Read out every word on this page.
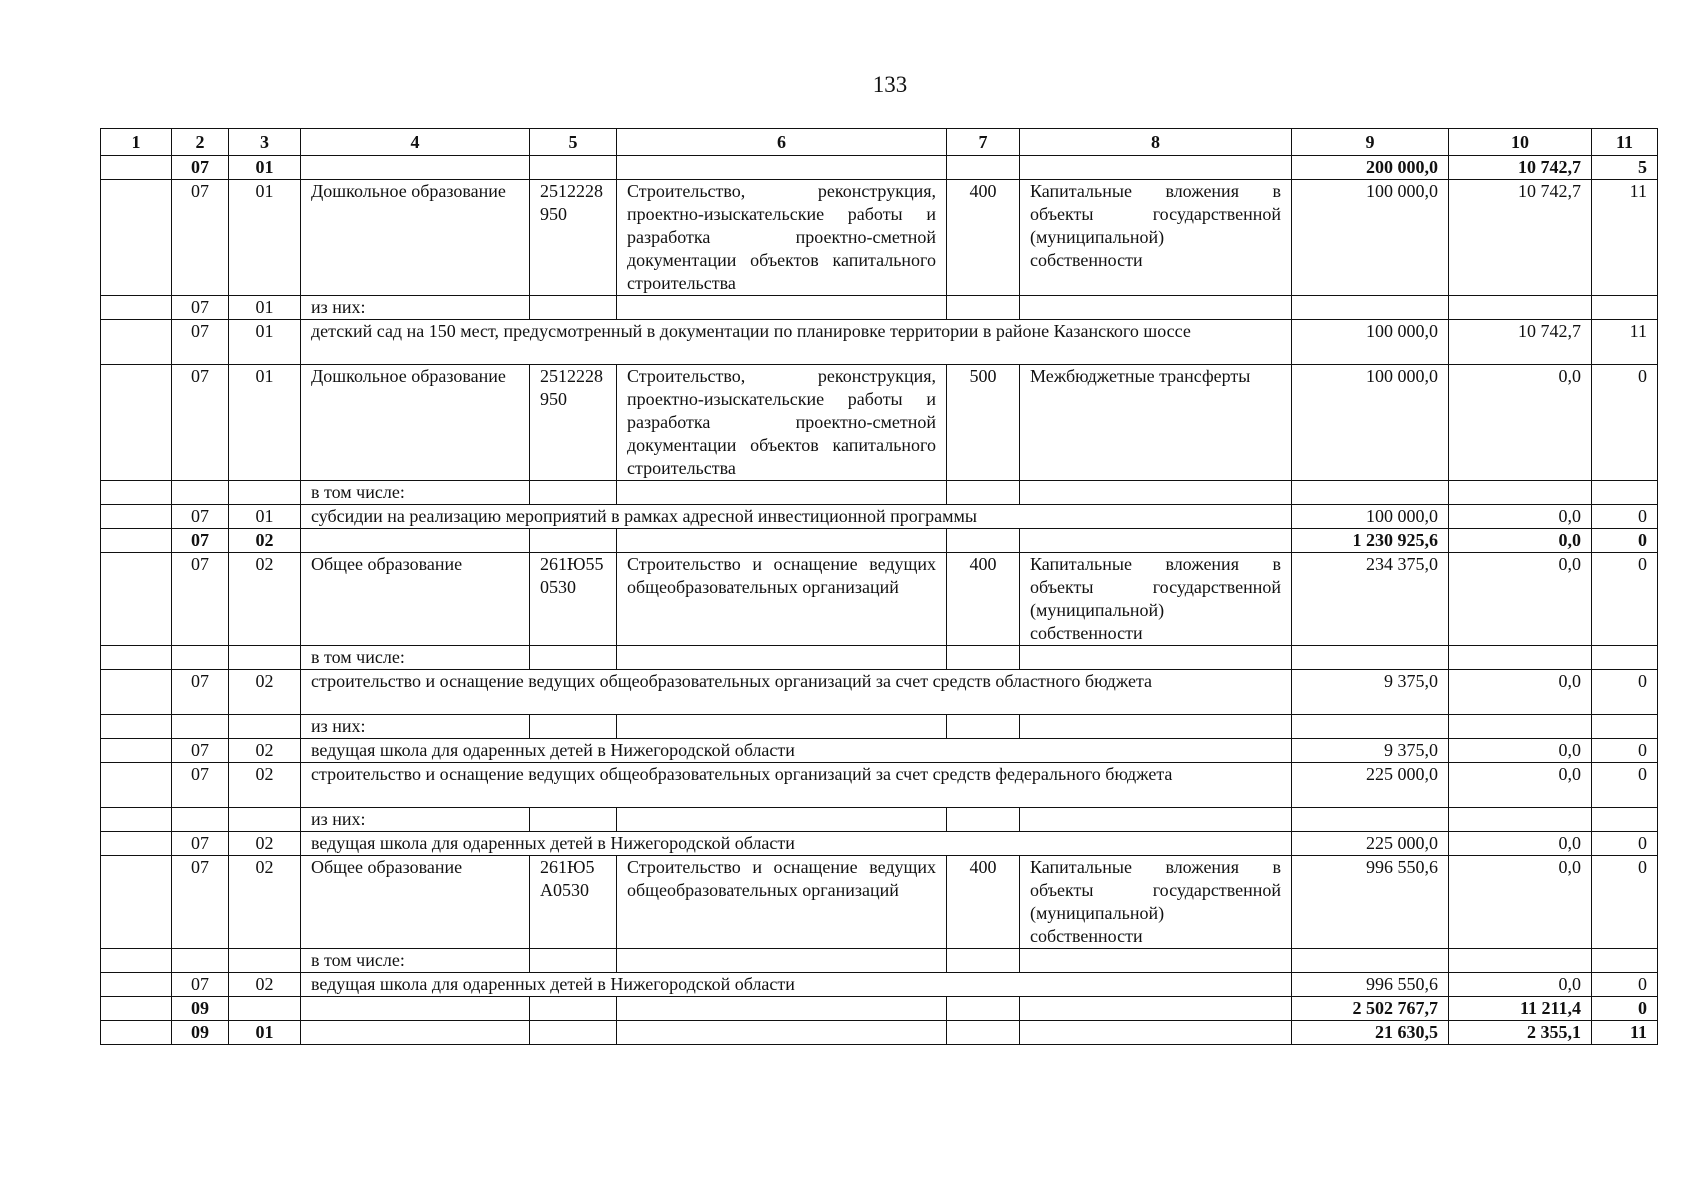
133
1	2	3	4	5	6	7	8	9	10	11
	07	01						200 000,0	10 742,7	5
	07	01	Дошкольное образование	2512228950	Строительство, реконструкция, проектно-изыскательские работы и разработка проектно-сметной документации объектов капитального строительства	400	Капитальные вложения в объекты государственной (муниципальной) собственности	100 000,0	10 742,7	11
	07	01	из них:							
	07	01	детский сад на 150 мест, предусмотренный в документации по планировке территории в районе Казанского шоссе					100 000,0	10 742,7	11
	07	01	Дошкольное образование	2512228950	Строительство, реконструкция, проектно-изыскательские работы и разработка проектно-сметной документации объектов капитального строительства	500	Межбюджетные трансферты	100 000,0	0,0	0
			в том числе:							
	07	01	субсидии на реализацию мероприятий в рамках адресной инвестиционной программы					100 000,0	0,0	0
	07	02						1 230 925,6	0,0	0
	07	02	Общее образование	261Ю550530	Строительство и оснащение ведущих общеобразовательных организаций	400	Капитальные вложения в объекты государственной (муниципальной) собственности	234 375,0	0,0	0
			в том числе:							
	07	02	строительство и оснащение ведущих общеобразовательных организаций за счет средств областного бюджета					9 375,0	0,0	0
			из них:							
	07	02	ведущая школа для одаренных детей в Нижегородской области					9 375,0	0,0	0
	07	02	строительство и оснащение ведущих общеобразовательных организаций за счет средств федерального бюджета					225 000,0	0,0	0
			из них:							
	07	02	ведущая школа для одаренных детей в Нижегородской области					225 000,0	0,0	0
	07	02	Общее образование	261Ю5А0530	Строительство и оснащение ведущих общеобразовательных организаций	400	Капитальные вложения в объекты государственной (муниципальной) собственности	996 550,6	0,0	0
			в том числе:							
	07	02	ведущая школа для одаренных детей в Нижегородской области					996 550,6	0,0	0
	09							2 502 767,7	11 211,4	0
	09	01						21 630,5	2 355,1	11
